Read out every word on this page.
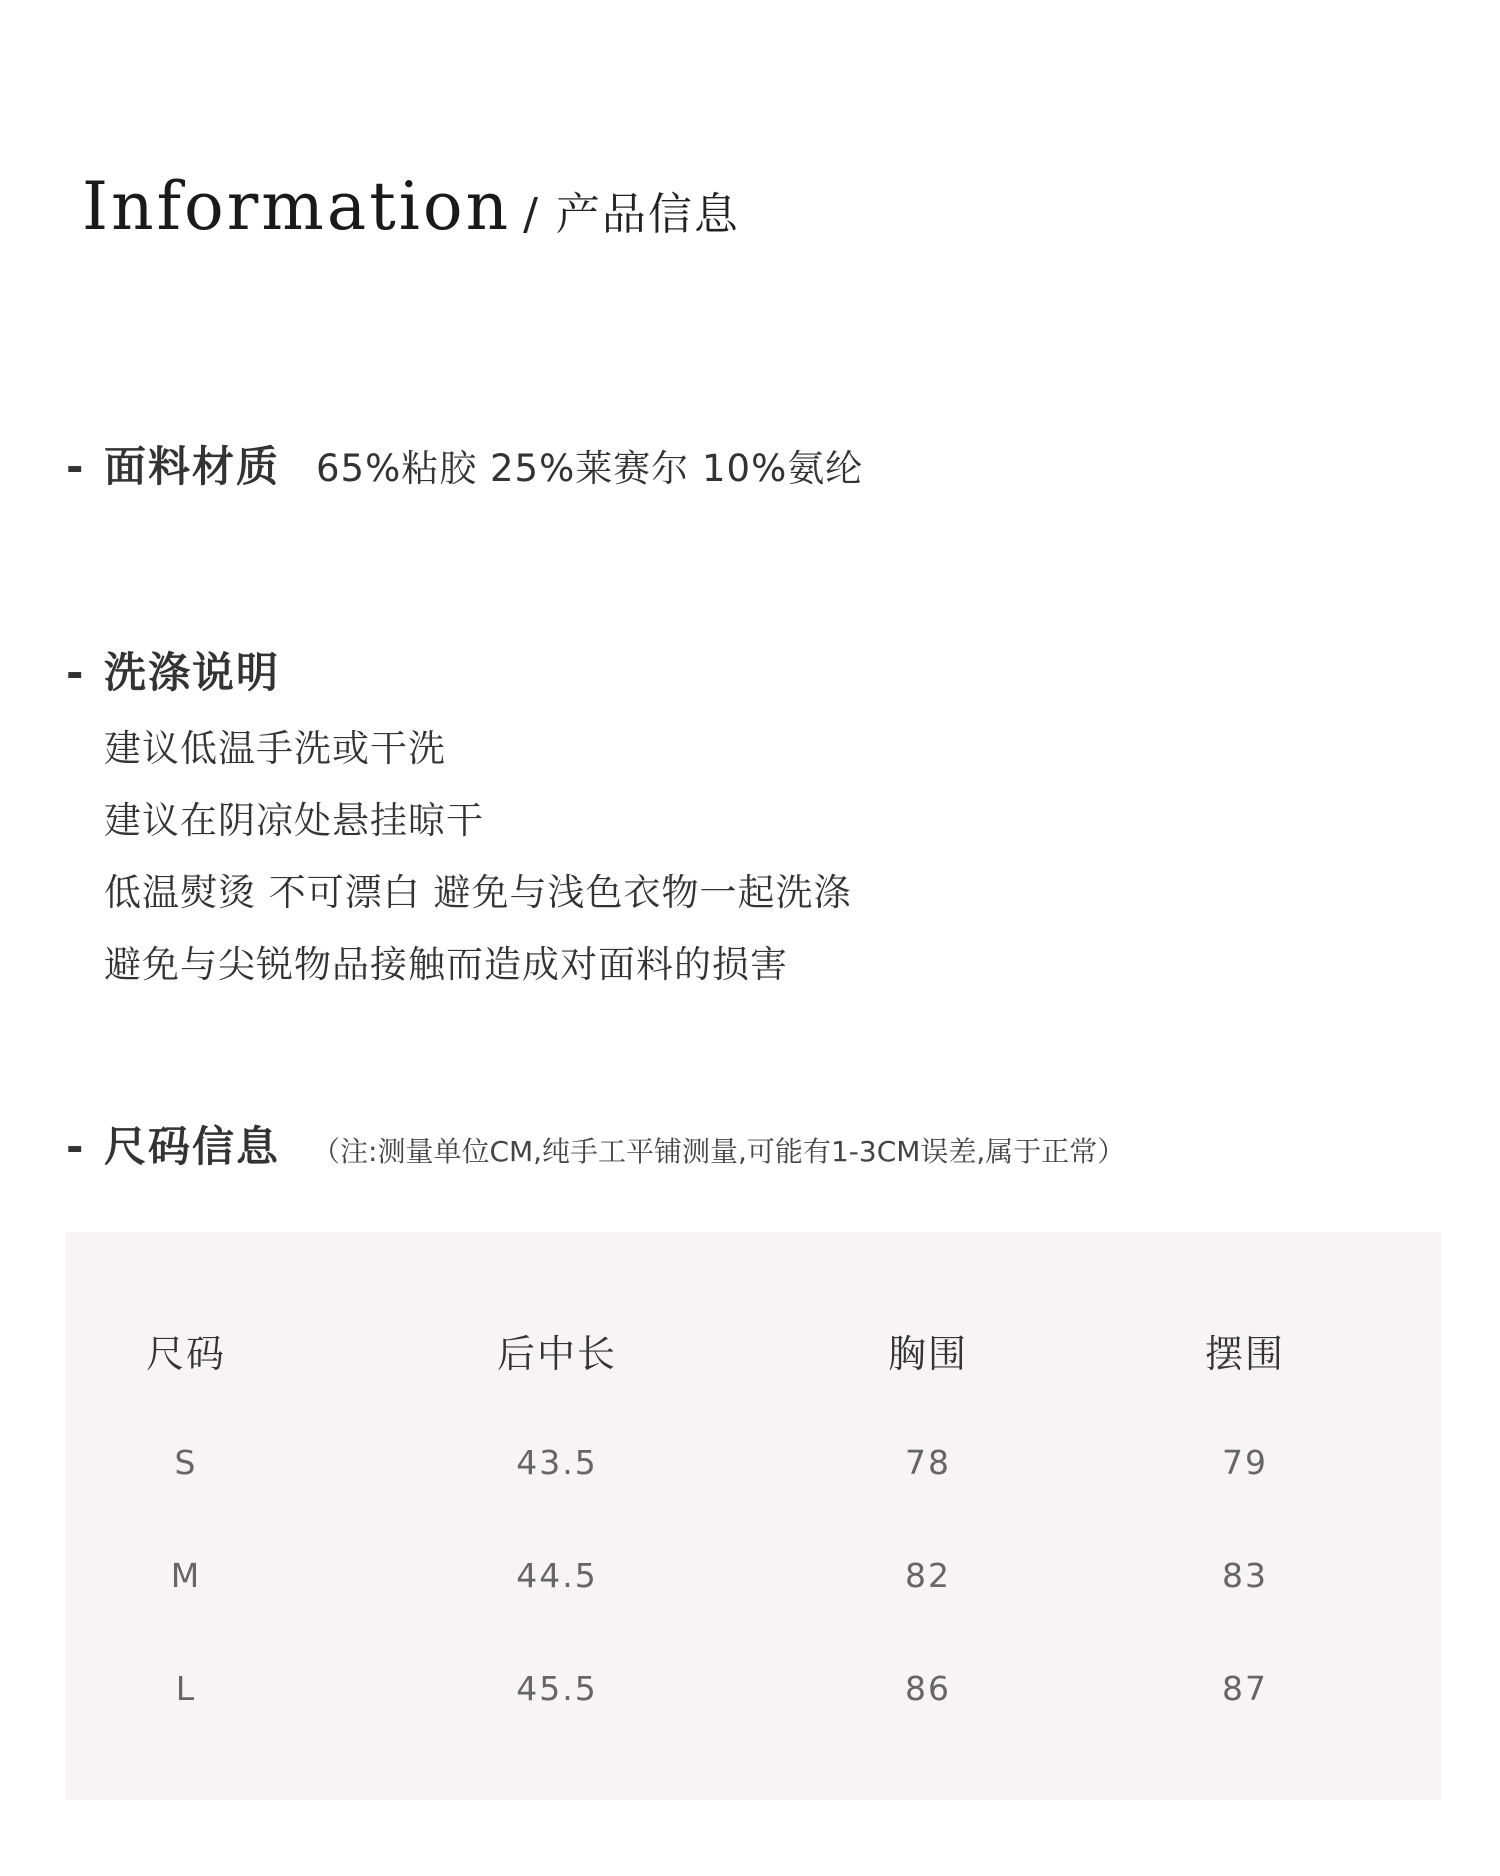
Information / 产品信息
- 面料材质 65%粘胶 25%莱赛尔 10%氨纶
- 洗涤说明
建议低温手洗或干洗
建议在阴凉处悬挂晾干
低温熨烫 不可漂白 避免与浅色衣物一起洗涤
避免与尖锐物品接触而造成对面料的损害
- 尺码信息 （注:测量单位CM,纯手工平铺测量,可能有1-3CM误差,属于正常）
尺码	后中长	胸围	摆围
S	43.5	78	79
M	44.5	82	83
L	45.5	86	87
